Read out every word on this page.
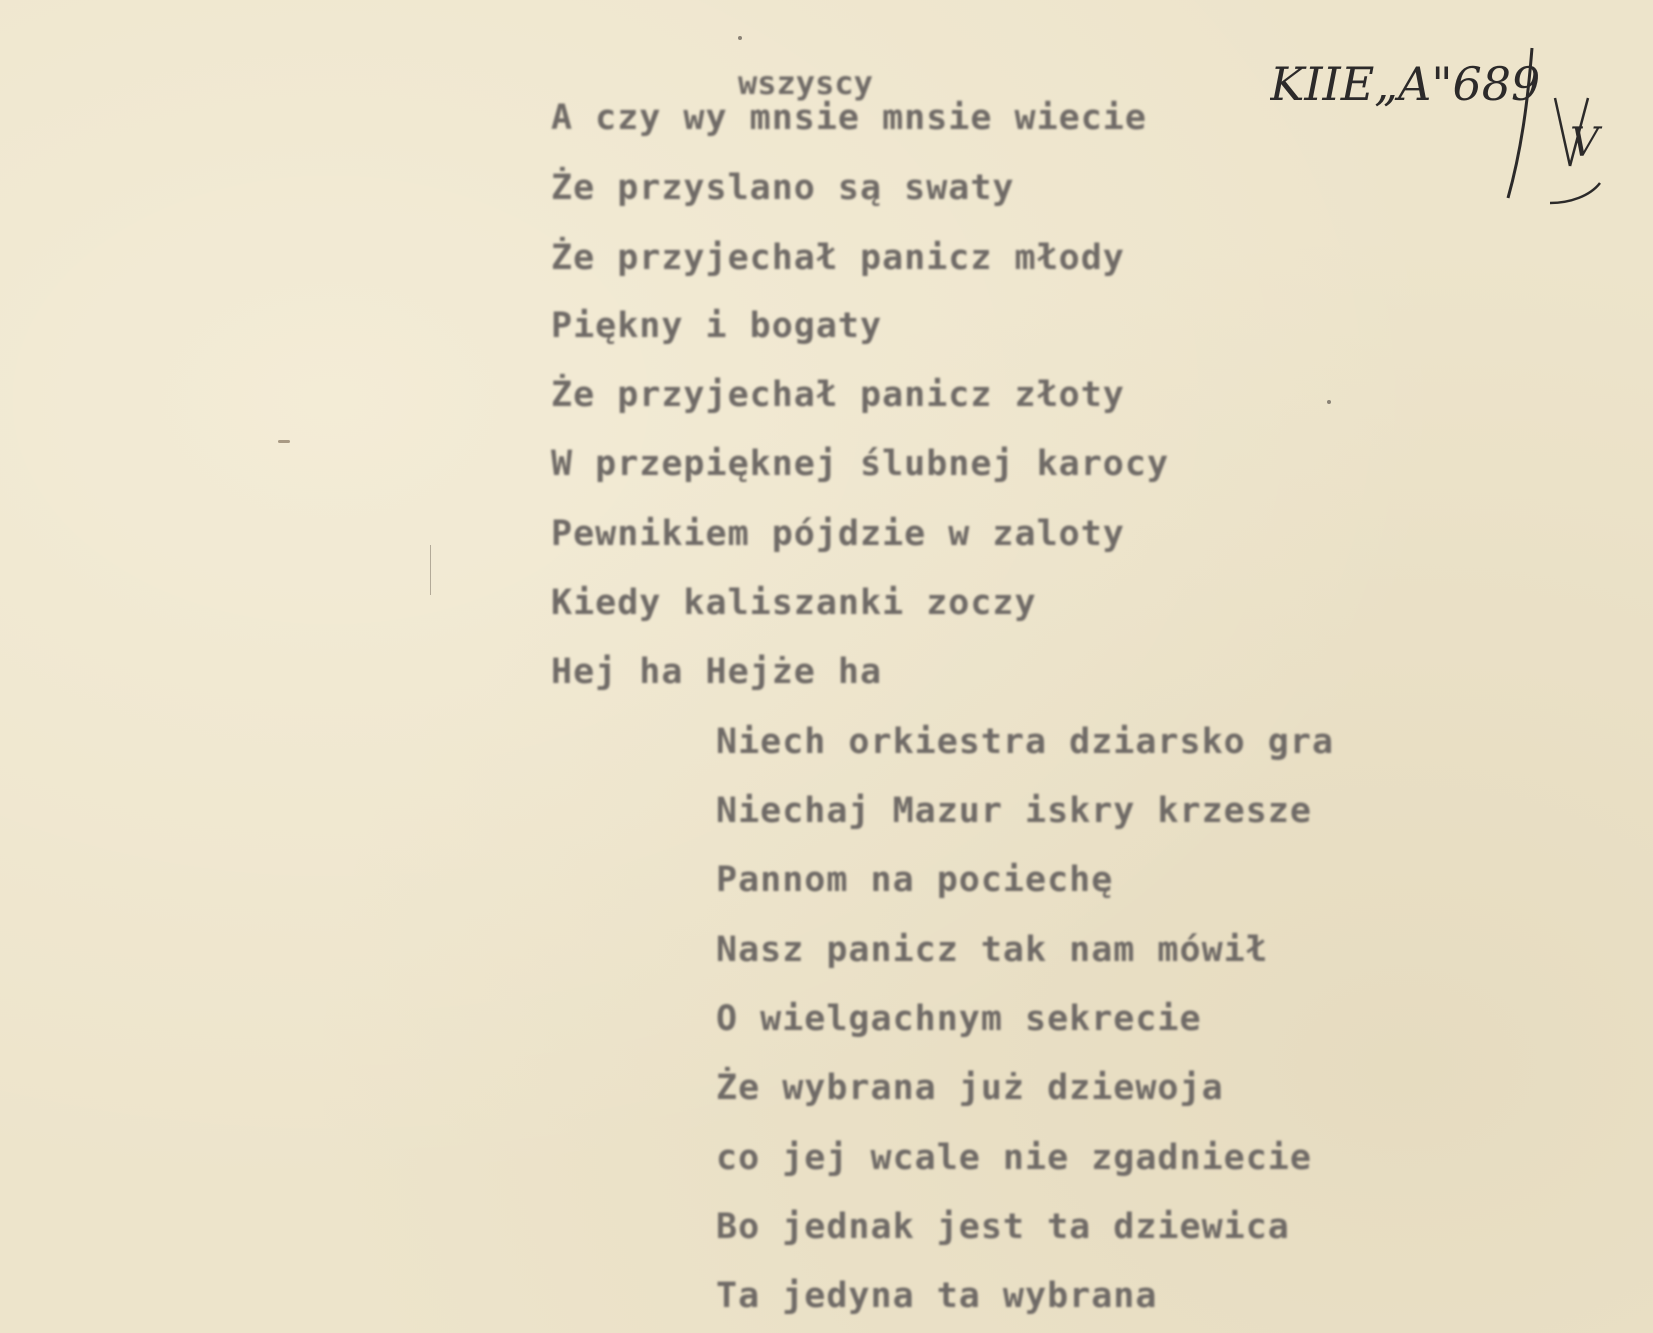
wszyscy
A czy wy mnsie mnsie wiecie
Że przyslano są swaty
Że przyjechał panicz młody
Piękny i bogaty
Że przyjechał panicz złoty
W przepięknej ślubnej karocy
Pewnikiem pójdzie w zaloty
Kiedy kaliszanki zoczy
Hej ha Hejże ha
Niech orkiestra dziarsko gra
Niechaj Mazur iskry krzesze
Pannom na pociechę
Nasz panicz tak nam mówił
O wielgachnym sekrecie
Że wybrana już dziewoja
co jej wcale nie zgadniecie
Bo jednak jest ta dziewica
Ta jedyna ta wybrana
KIIE„A"689
V
